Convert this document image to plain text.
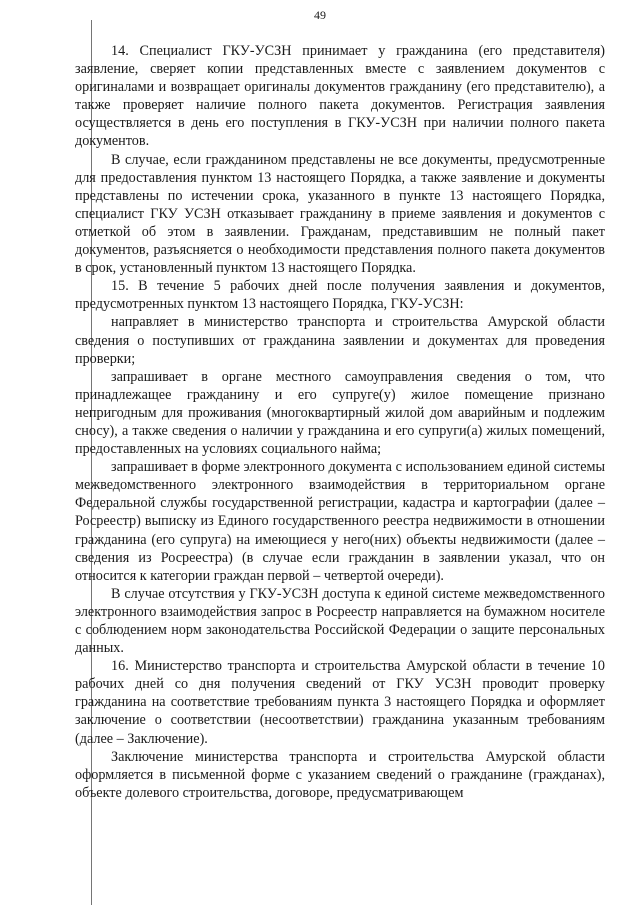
49

14. Специалист ГКУ-УСЗН принимает у гражданина (его представителя) заявление, сверяет копии представленных вместе с заявлением документов с оригиналами и возвращает оригиналы документов гражданину (его представителю), а также проверяет наличие полного пакета документов. Регистрация заявления осуществляется в день его поступления в ГКУ-УСЗН при наличии полного пакета документов.

В случае, если гражданином представлены не все документы, предусмотренные для предоставления пунктом 13 настоящего Порядка, а также заявление и документы представлены по истечении срока, указанного в пункте 13 настоящего Порядка, специалист ГКУ УСЗН отказывает гражданину в приеме заявления и документов с отметкой об этом в заявлении. Гражданам, представившим не полный пакет документов, разъясняется о необходимости представления полного пакета документов в срок, установленный пунктом 13 настоящего Порядка.

15. В течение 5 рабочих дней после получения заявления и документов, предусмотренных пунктом 13 настоящего Порядка, ГКУ-УСЗН:

направляет в министерство транспорта и строительства Амурской области сведения о поступивших от гражданина заявлении и документах для проведения проверки;

запрашивает в органе местного самоуправления сведения о том, что принадлежащее гражданину и его супруге(у) жилое помещение признано непригодным для проживания (многоквартирный жилой дом аварийным и подлежим сносу), а также сведения о наличии у гражданина и его супруги(а) жилых помещений, предоставленных на условиях социального найма;

запрашивает в форме электронного документа с использованием единой системы межведомственного электронного взаимодействия в территориальном органе Федеральной службы государственной регистрации, кадастра и картографии (далее – Росреестр) выписку из Единого государственного реестра недвижимости в отношении гражданина (его супруга) на имеющиеся у него(них) объекты недвижимости (далее – сведения из Росреестра) (в случае если гражданин в заявлении указал, что он относится к категории граждан первой – четвертой очереди).

В случае отсутствия у ГКУ-УСЗН доступа к единой системе межведомственного электронного взаимодействия запрос в Росреестр направляется на бумажном носителе с соблюдением норм законодательства Российской Федерации о защите персональных данных.

16. Министерство транспорта и строительства Амурской области в течение 10 рабочих дней со дня получения сведений от ГКУ УСЗН проводит проверку гражданина на соответствие требованиям пункта 3 настоящего Порядка и оформляет заключение о соответствии (несоответствии) гражданина указанным требованиям (далее – Заключение).

Заключение министерства транспорта и строительства Амурской области оформляется в письменной форме с указанием сведений о гражданине (гражданах), объекте долевого строительства, договоре, предусматривающем
